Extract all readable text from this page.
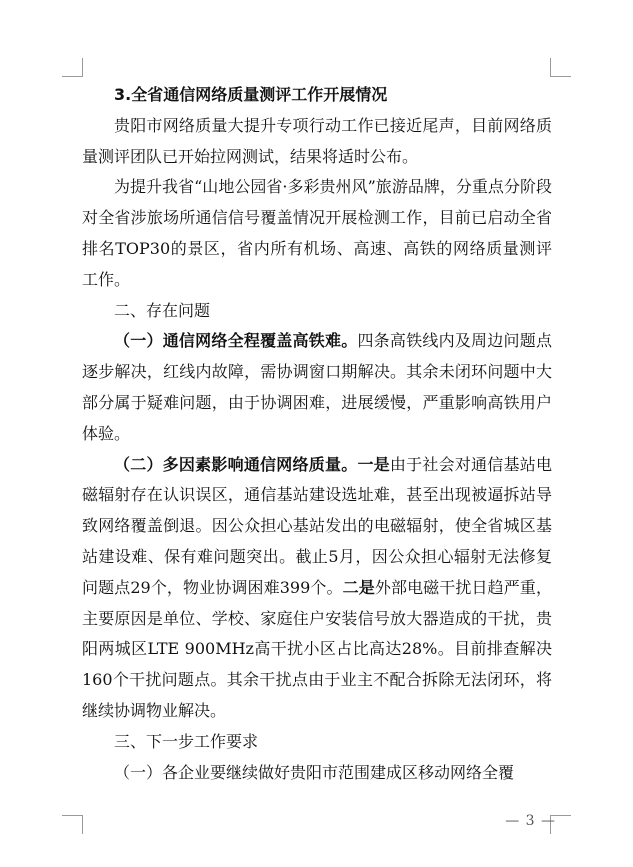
3.全省通信网络质量测评工作开展情况

贵阳市网络质量大提升专项行动工作已接近尾声，目前网络质量测评团队已开始拉网测试，结果将适时公布。

为提升我省“山地公园省·多彩贵州风”旅游品牌，分重点分阶段对全省涉旅场所通信信号覆盖情况开展检测工作，目前已启动全省排名TOP30的景区，省内所有机场、高速、高铁的网络质量测评工作。

二、存在问题

（一）通信网络全程覆盖高铁难。四条高铁线内及周边问题点逐步解决，红线内故障，需协调窗口期解决。其余未闭环问题中大部分属于疑难问题，由于协调困难，进展缓慢，严重影响高铁用户体验。

（二）多因素影响通信网络质量。一是由于社会对通信基站电磁辐射存在认识误区，通信基站建设选址难，甚至出现被逼拆站导致网络覆盖倒退。因公众担心基站发出的电磁辐射，使全省城区基站建设难、保有难问题突出。截止5月，因公众担心辐射无法修复问题点29个，物业协调困难399个。二是外部电磁干扰日趋严重，主要原因是单位、学校、家庭住户安装信号放大器造成的干扰，贵阳两城区LTE 900MHz高干扰小区占比高达28%。目前排查解决160个干扰问题点。其余干扰点由于业主不配合拆除无法闭环，将继续协调物业解决。

三、下一步工作要求

（一）各企业要继续做好贵阳市范围建成区移动网络全覆

— 3 —
